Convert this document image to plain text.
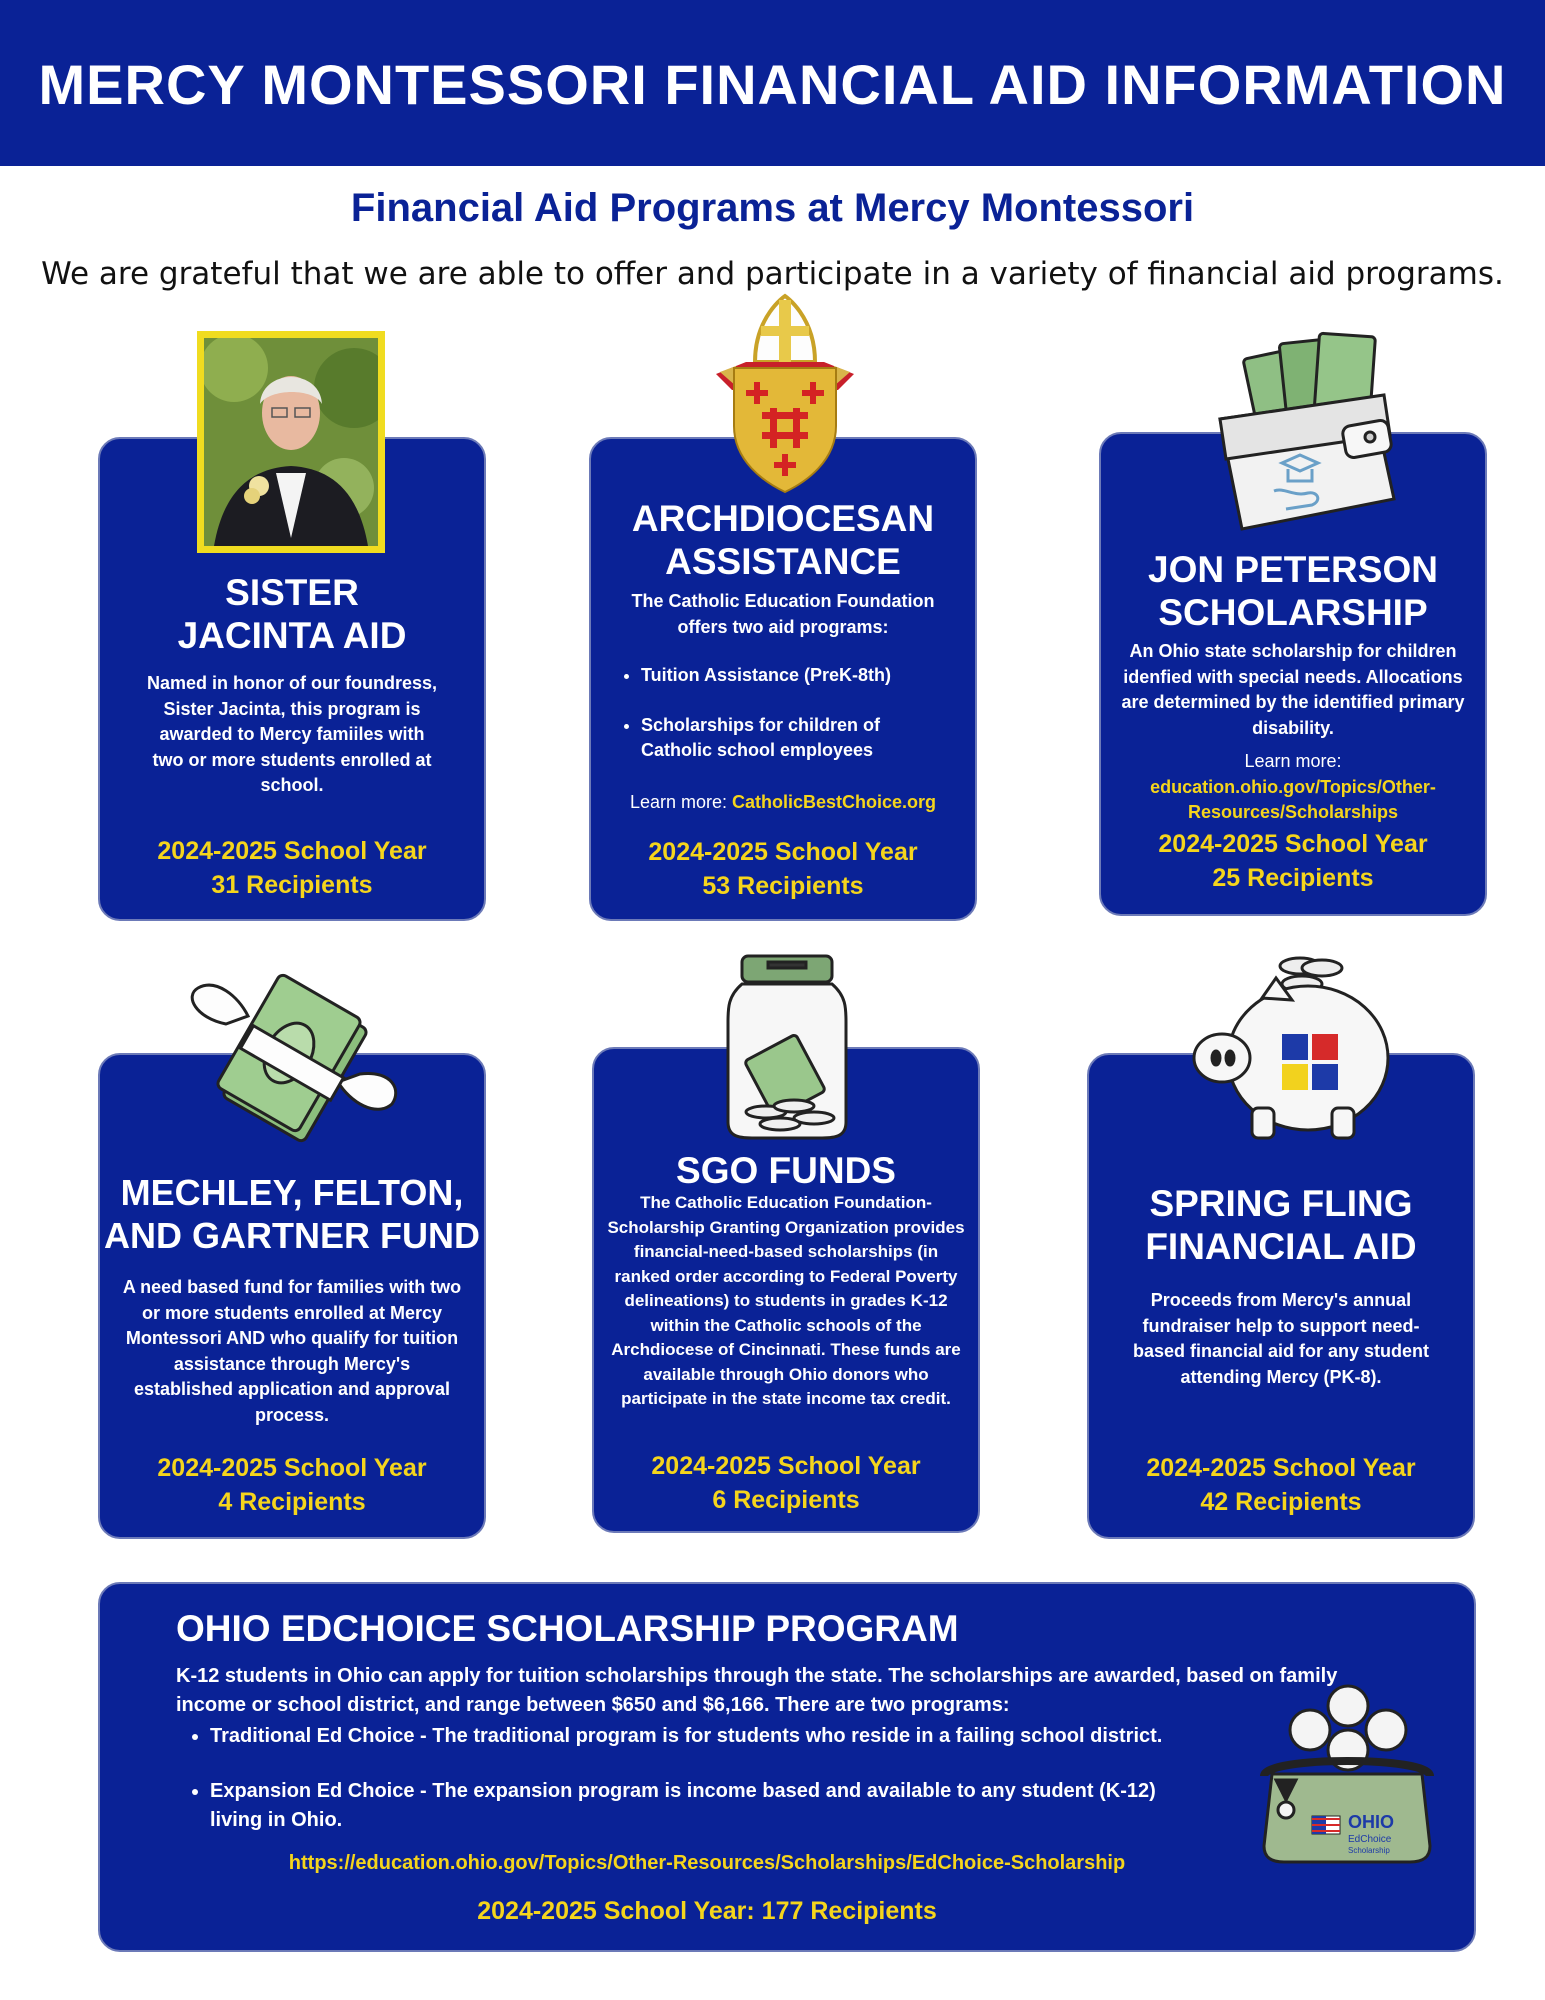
MERCY MONTESSORI FINANCIAL AID INFORMATION
Financial Aid Programs at Mercy Montessori
We are grateful that we are able to offer and participate in a variety of financial aid programs.
SISTER
JACINTA AID
Named in honor of our foundress, Sister Jacinta, this program is awarded to Mercy famiiles with two or more students enrolled at school.
2024-2025 School Year
31 Recipients
ARCHDIOCESAN
ASSISTANCE
The Catholic Education Foundation offers two aid programs:
• Tuition Assistance (PreK-8th)
• Scholarships for children of Catholic school employees
Learn more: CatholicBestChoice.org
2024-2025 School Year
53 Recipients
JON PETERSON
SCHOLARSHIP
An Ohio state scholarship for children idenfied with special needs. Allocations are determined by the identified primary disability.
Learn more:
education.ohio.gov/Topics/Other-Resources/Scholarships
2024-2025 School Year
25 Recipients
MECHLEY, FELTON,
AND GARTNER FUND
A need based fund for families with two or more students enrolled at Mercy Montessori AND who qualify for tuition assistance through Mercy's established application and approval process.
2024-2025 School Year
4 Recipients
SGO FUNDS
The Catholic Education Foundation-Scholarship Granting Organization provides financial-need-based scholarships (in ranked order according to Federal Poverty delineations) to students in grades K-12 within the Catholic schools of the Archdiocese of Cincinnati. These funds are available through Ohio donors who participate in the state income tax credit.
2024-2025 School Year
6 Recipients
SPRING FLING
FINANCIAL AID
Proceeds from Mercy's annual fundraiser help to support need-based financial aid for any student attending Mercy (PK-8).
2024-2025 School Year
42 Recipients
OHIO EDCHOICE SCHOLARSHIP PROGRAM
K-12 students in Ohio can apply for tuition scholarships through the state. The scholarships are awarded, based on family income or school district, and range between $650 and $6,166. There are two programs:
• Traditional Ed Choice - The traditional program is for students who reside in a failing school district.
• Expansion Ed Choice - The expansion program is income based and available to any student (K-12) living in Ohio.
https://education.ohio.gov/Topics/Other-Resources/Scholarships/EdChoice-Scholarship
2024-2025 School Year: 177 Recipients
OHIO
EdChoice
Scholarship
